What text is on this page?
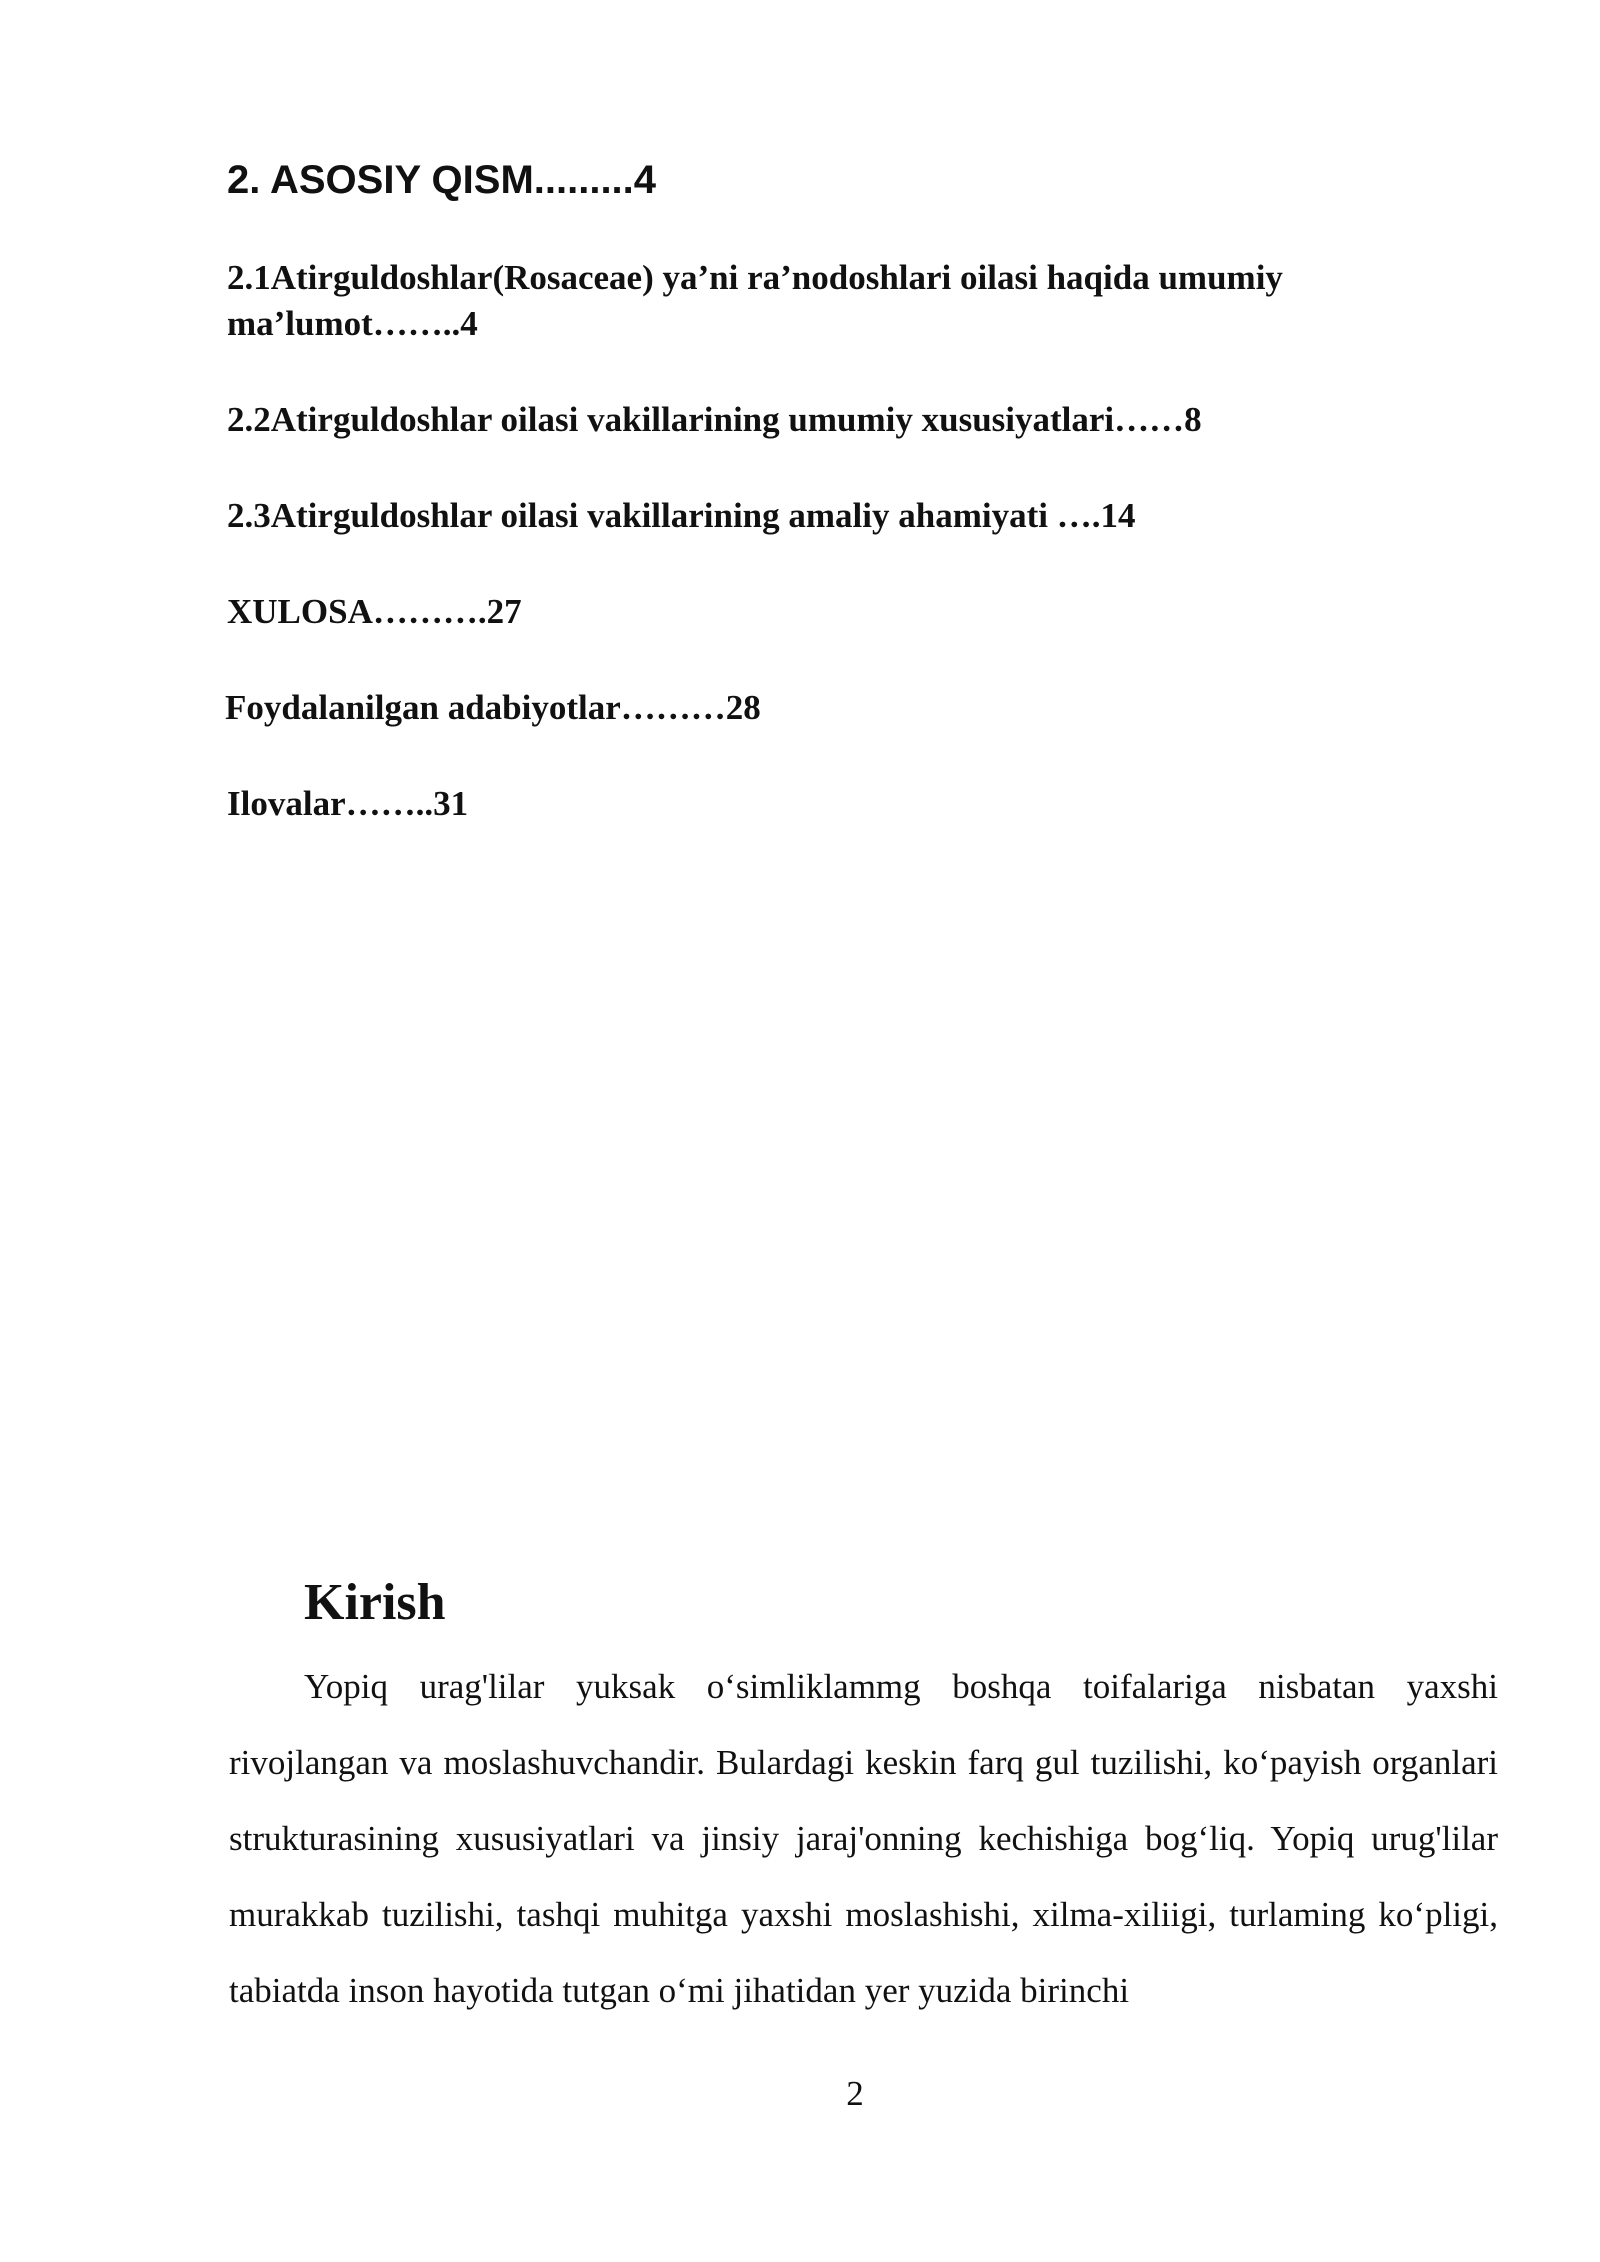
2. ASOSIY QISM.........4
2.1Atirguldoshlar(Rosaceae) ya’ni ra’nodoshlari oilasi haqida umumiy ma’lumot……..4
2.2Atirguldoshlar oilasi vakillarining umumiy xususiyatlari……8
2.3Atirguldoshlar oilasi vakillarining amaliy ahamiyati ….14
XULOSA……….27
Foydalanilgan adabiyotlar………28
Ilovalar……..31
Kirish

Yopiq urag'lilar yuksak o‘simliklammg boshqa toifalariga nisbatan yaxshi rivojlangan va moslashuvchandir. Bulardagi keskin farq gul tuzilishi, ko‘payish organlari strukturasining xususiyatlari va jinsiy jaraj'onning kechishiga bog‘liq. Yopiq urug'lilar murakkab tuzilishi, tashqi muhitga yaxshi moslashishi, xilma-xiliigi, turlaming ko‘pligi, tabiatda inson hayotida tutgan o‘mi jihatidan yer yuzida birinchi

2
